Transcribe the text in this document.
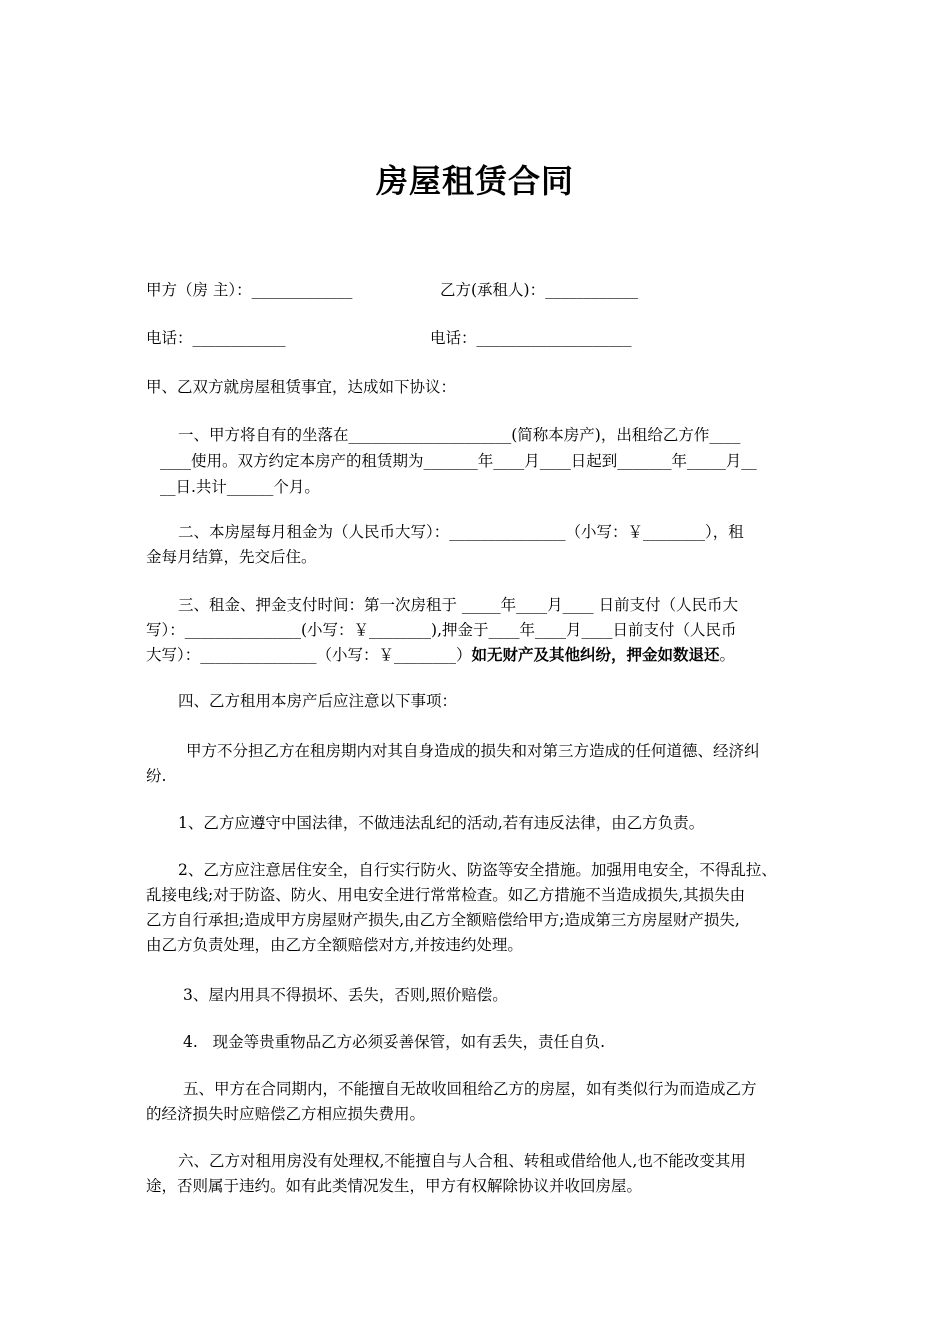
房屋租赁合同
甲方（房 主）：_____________	乙方(承租人)：____________
电话：____________	电话：____________________
甲、乙双方就房屋租赁事宜，达成如下协议：
一、甲方将自有的坐落在_____________________(简称本房产)，出租给乙方作____
____使用。双方约定本房产的租赁期为_______年____月____日起到_______年_____月__
__日.共计______个月。
二、本房屋每月租金为（人民币大写）：_______________（小写：￥________），租
金每月结算，先交后住。
三、租金、押金支付时间：第一次房租于 _____年____月____ 日前支付（人民币大
写）：_______________(小写：￥________),押金于____年____月____日前支付（人民币
大写）：_______________（小写：￥________）如无财产及其他纠纷，押金如数退还。
四、乙方租用本房产后应注意以下事项：
甲方不分担乙方在租房期内对其自身造成的损失和对第三方造成的任何道德、经济纠
纷.
1、乙方应遵守中国法律，不做违法乱纪的活动,若有违反法律，由乙方负责。
2、乙方应注意居住安全，自行实行防火、防盗等安全措施。加强用电安全，不得乱拉、
乱接电线;对于防盗、防火、用电安全进行常常检查。如乙方措施不当造成损失,其损失由
乙方自行承担;造成甲方房屋财产损失,由乙方全额赔偿给甲方;造成第三方房屋财产损失,
由乙方负责处理，由乙方全额赔偿对方,并按违约处理。
3、屋内用具不得损坏、丢失，否则,照价赔偿。
4.   现金等贵重物品乙方必须妥善保管，如有丢失，责任自负.
五、甲方在合同期内，不能擅自无故收回租给乙方的房屋，如有类似行为而造成乙方
的经济损失时应赔偿乙方相应损失费用。
六、乙方对租用房没有处理权,不能擅自与人合租、转租或借给他人,也不能改变其用
途，否则属于违约。如有此类情况发生，甲方有权解除协议并收回房屋。
